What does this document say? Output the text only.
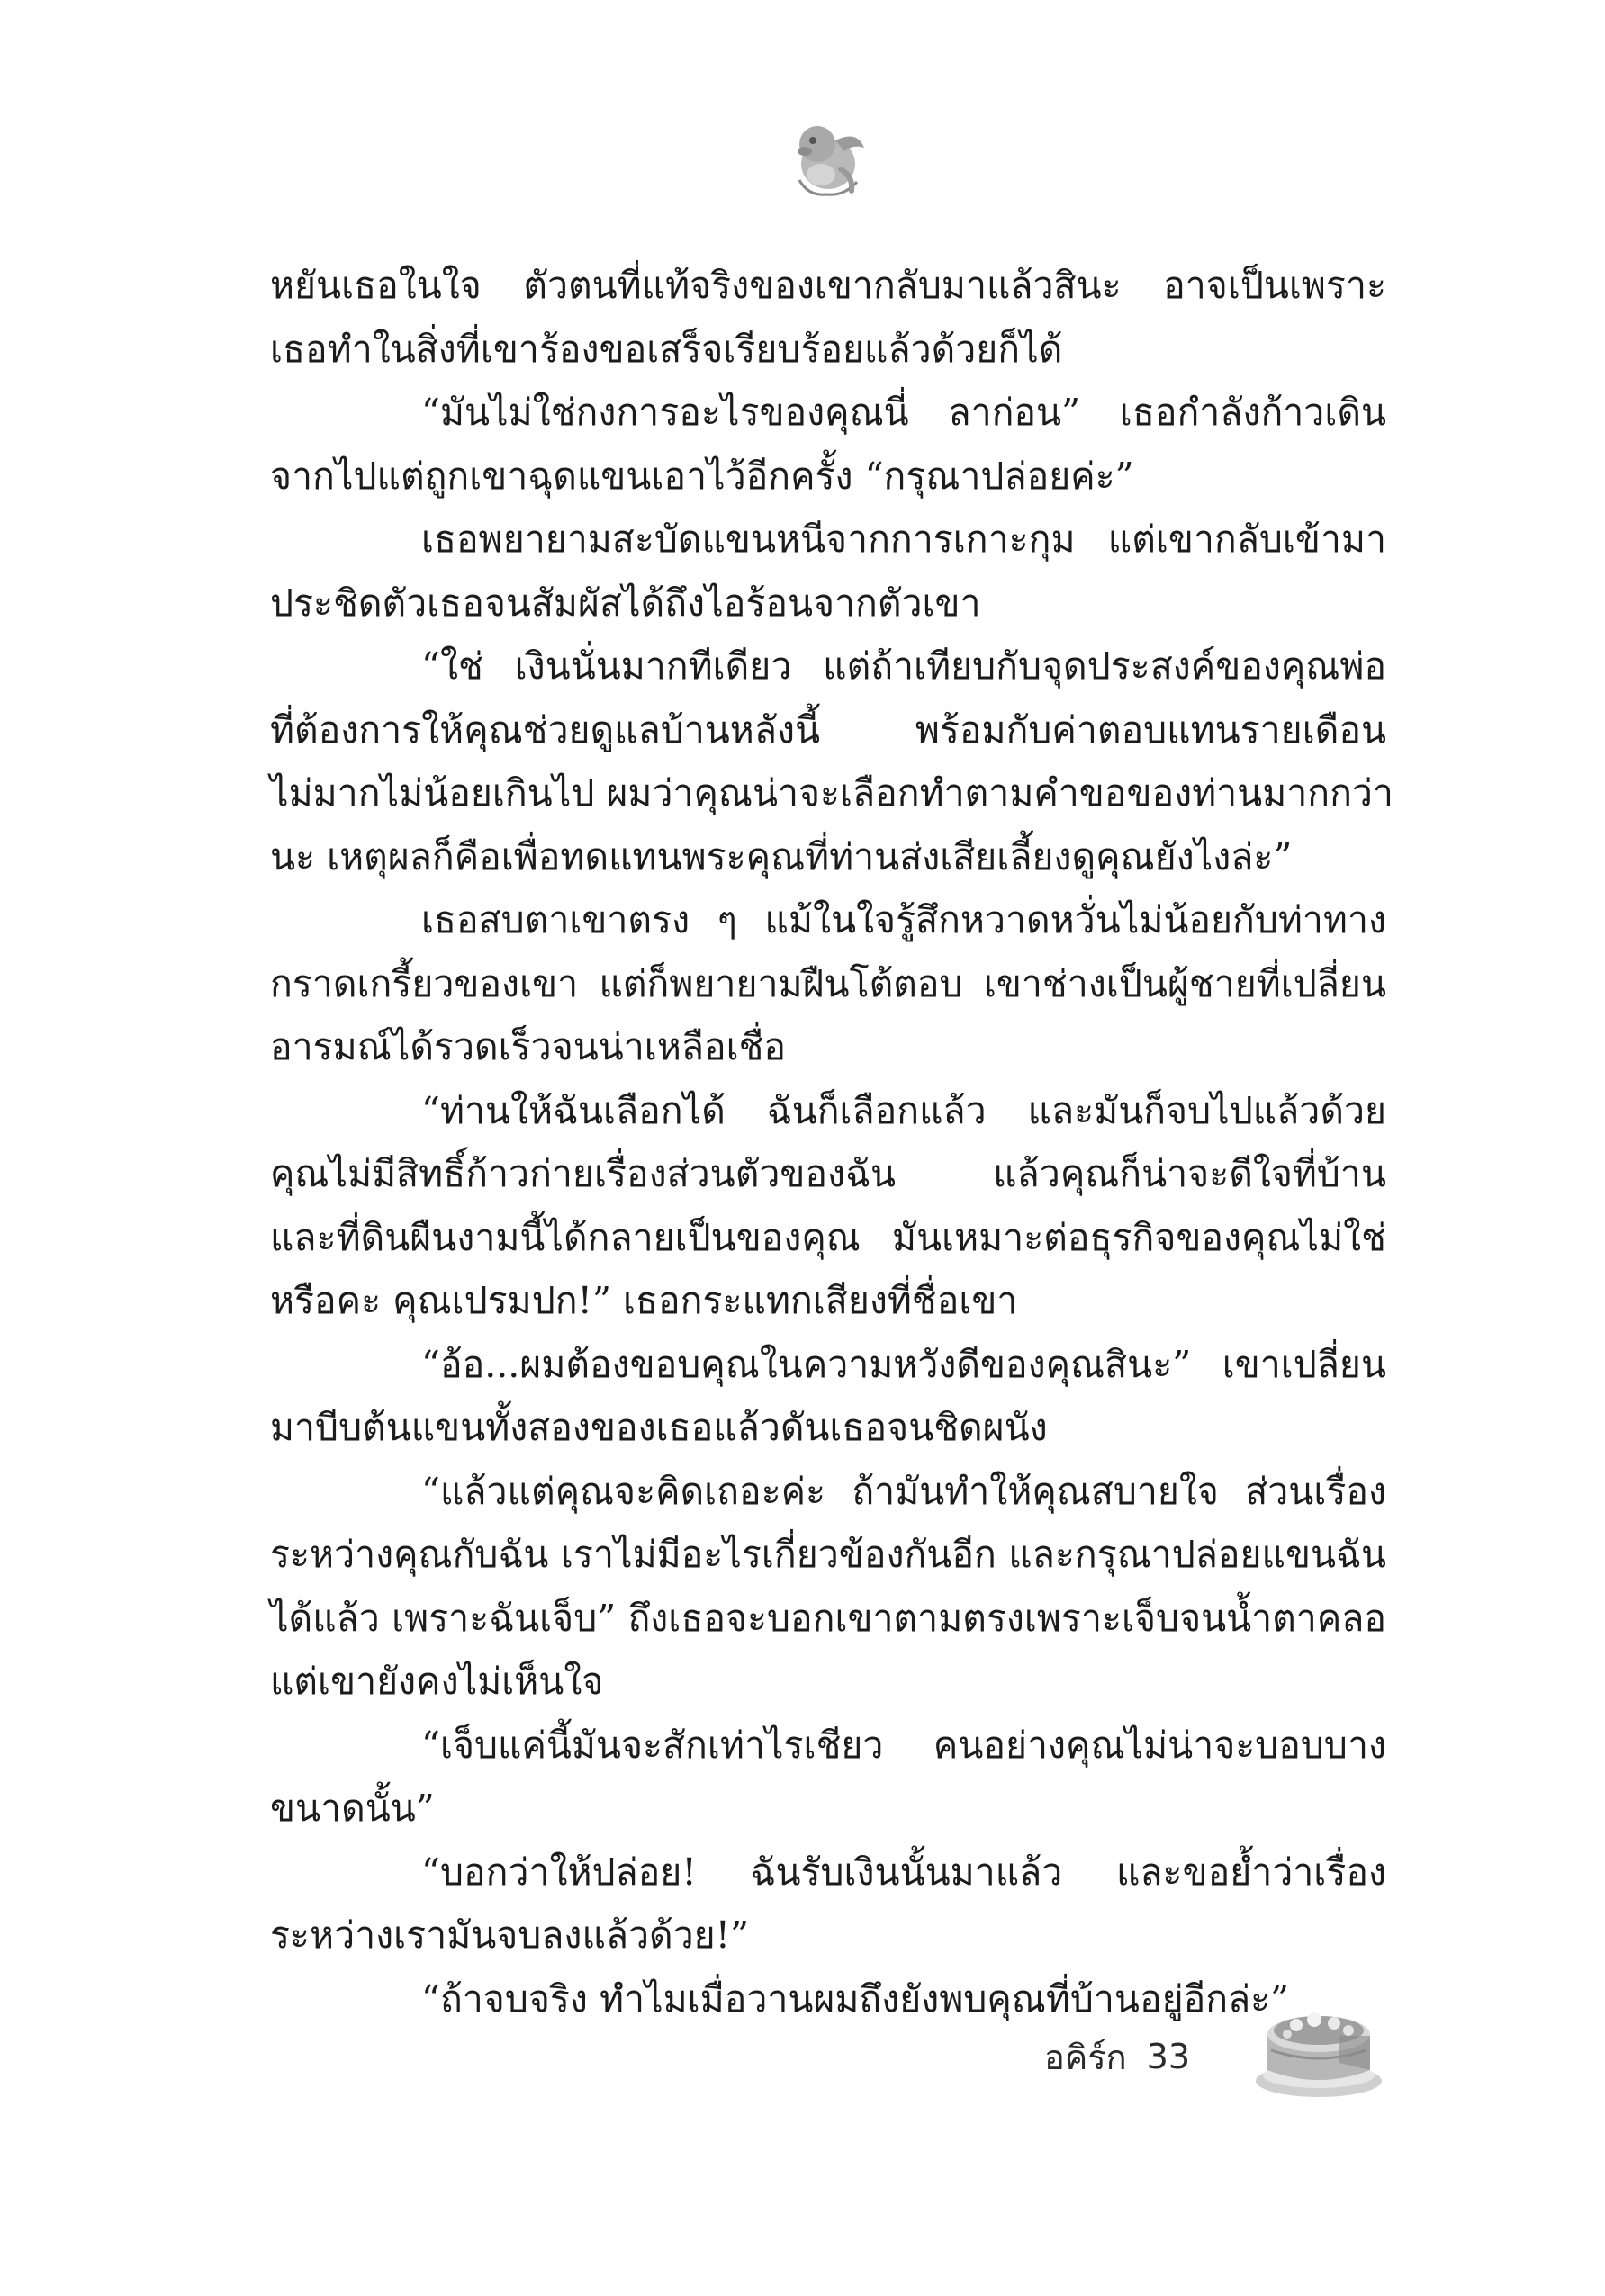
หยันเธอในใจ ตัวตนที่แท้จริงของเขากลับมาแล้วสินะ อาจเป็นเพราะ
เธอทำในสิ่งที่เขาร้องขอเสร็จเรียบร้อยแล้วด้วยก็ได้

“มันไม่ใช่กงการอะไรของคุณนี่ ลาก่อน” เธอกำลังก้าวเดิน
จากไปแต่ถูกเขาฉุดแขนเอาไว้อีกครั้ง “กรุณาปล่อยค่ะ”

เธอพยายามสะบัดแขนหนีจากการเกาะกุม แต่เขากลับเข้ามา
ประชิดตัวเธอจนสัมผัสได้ถึงไอร้อนจากตัวเขา

“ใช่ เงินนั่นมากทีเดียว แต่ถ้าเทียบกับจุดประสงค์ของคุณพ่อ
ที่ต้องการให้คุณช่วยดูแลบ้านหลังนี้ พร้อมกับค่าตอบแทนรายเดือน
ไม่มากไม่น้อยเกินไป ผมว่าคุณน่าจะเลือกทำตามคำขอของท่านมากกว่า
นะ เหตุผลก็คือเพื่อทดแทนพระคุณที่ท่านส่งเสียเลี้ยงดูคุณยังไงล่ะ”

เธอสบตาเขาตรง ๆ แม้ในใจรู้สึกหวาดหวั่นไม่น้อยกับท่าทาง
กราดเกรี้ยวของเขา แต่ก็พยายามฝืนโต้ตอบ เขาช่างเป็นผู้ชายที่เปลี่ยน
อารมณ์ได้รวดเร็วจนน่าเหลือเชื่อ

“ท่านให้ฉันเลือกได้ ฉันก็เลือกแล้ว และมันก็จบไปแล้วด้วย
คุณไม่มีสิทธิ์ก้าวก่ายเรื่องส่วนตัวของฉัน แล้วคุณก็น่าจะดีใจที่บ้าน
และที่ดินผืนงามนี้ได้กลายเป็นของคุณ มันเหมาะต่อธุรกิจของคุณไม่ใช่
หรือคะ คุณเปรมปก!” เธอกระแทกเสียงที่ชื่อเขา

“อ้อ...ผมต้องขอบคุณในความหวังดีของคุณสินะ” เขาเปลี่ยน
มาบีบต้นแขนทั้งสองของเธอแล้วดันเธอจนชิดผนัง

“แล้วแต่คุณจะคิดเถอะค่ะ ถ้ามันทำให้คุณสบายใจ ส่วนเรื่อง
ระหว่างคุณกับฉัน เราไม่มีอะไรเกี่ยวข้องกันอีก และกรุณาปล่อยแขนฉัน
ได้แล้ว เพราะฉันเจ็บ” ถึงเธอจะบอกเขาตามตรงเพราะเจ็บจนน้ำตาคลอ
แต่เขายังคงไม่เห็นใจ

“เจ็บแค่นี้มันจะสักเท่าไรเชียว คนอย่างคุณไม่น่าจะบอบบาง
ขนาดนั้น”

“บอกว่าให้ปล่อย! ฉันรับเงินนั้นมาแล้ว และขอย้ำว่าเรื่อง
ระหว่างเรามันจบลงแล้วด้วย!”

“ถ้าจบจริง ทำไมเมื่อวานผมถึงยังพบคุณที่บ้านอยู่อีกล่ะ”

อคิร์ก 33
